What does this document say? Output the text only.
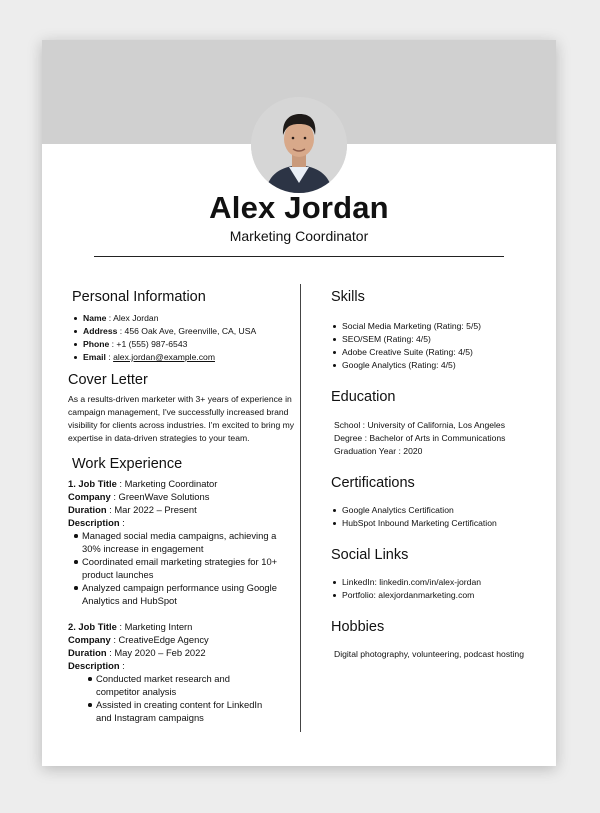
Alex Jordan
Marketing Coordinator
Personal Information
Name : Alex Jordan
Address : 456 Oak Ave, Greenville, CA, USA
Phone : +1 (555) 987-6543
Email : alex.jordan@example.com
Cover Letter

As a results-driven marketer with 3+ years of experience in campaign management, I've successfully increased brand visibility for clients across industries. I'm excited to bring my expertise in data-driven strategies to your team.

Work Experience
1. Job Title : Marketing Coordinator
Company : GreenWave Solutions
Duration : Mar 2022 – Present
Description :
Managed social media campaigns, achieving a 30% increase in engagement
Coordinated email marketing strategies for 10+ product launches
Analyzed campaign performance using Google Analytics and HubSpot
2. Job Title : Marketing Intern
Company : CreativeEdge Agency
Duration : May 2020 – Feb 2022
Description :
Conducted market research and competitor analysis
Assisted in creating content for LinkedIn and Instagram campaigns
Skills
Social Media Marketing (Rating: 5/5)
SEO/SEM (Rating: 4/5)
Adobe Creative Suite (Rating: 4/5)
Google Analytics (Rating: 4/5)
Education
School : University of California, Los Angeles
Degree : Bachelor of Arts in Communications
Graduation Year : 2020
Certifications
Google Analytics Certification
HubSpot Inbound Marketing Certification
Social Links
LinkedIn: linkedin.com/in/alex-jordan
Portfolio: alexjordanmarketing.com
Hobbies

Digital photography, volunteering, podcast hosting
